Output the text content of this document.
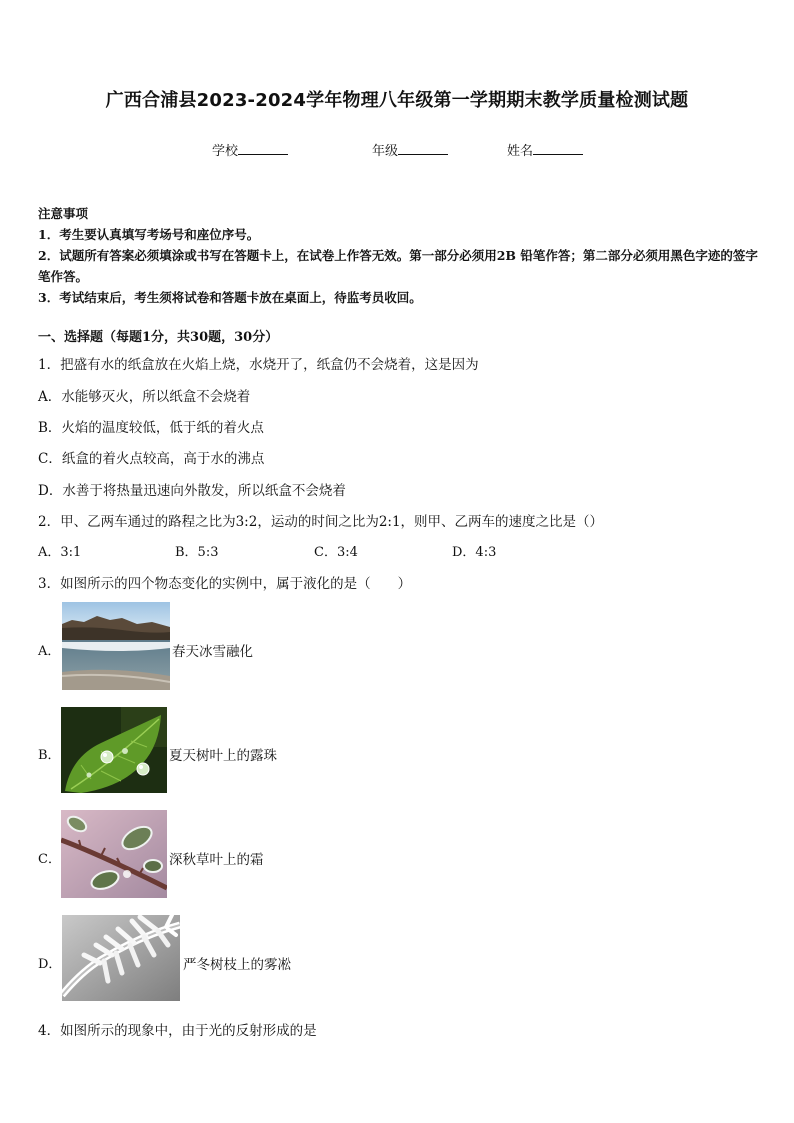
广西合浦县2023-2024学年物理八年级第一学期期末教学质量检测试题
学校	年级	姓名
注意事项
1．考生要认真填写考场号和座位序号。
2．试题所有答案必须填涂或书写在答题卡上，在试卷上作答无效。第一部分必须用2B 铅笔作答；第二部分必须用黑色字迹的签字笔作答。
3．考试结束后，考生须将试卷和答题卡放在桌面上，待监考员收回。
一、选择题（每题1分，共30题，30分）
1．把盛有水的纸盒放在火焰上烧，水烧开了，纸盒仍不会烧着，这是因为
A．水能够灭火，所以纸盒不会烧着
B．火焰的温度较低，低于纸的着火点
C．纸盒的着火点较高，高于水的沸点
D．水善于将热量迅速向外散发，所以纸盒不会烧着
2．甲、乙两车通过的路程之比为3:2，运动的时间之比为2:1，则甲、乙两车的速度之比是（）
A．3:1	B．5:3	C．3:4	D．4:3
3．如图所示的四个物态变化的实例中，属于液化的是（　　）
A．	春天冰雪融化
B．	夏天树叶上的露珠
C．	深秋草叶上的霜
D．	严冬树枝上的雾凇
4．如图所示的现象中，由于光的反射形成的是
